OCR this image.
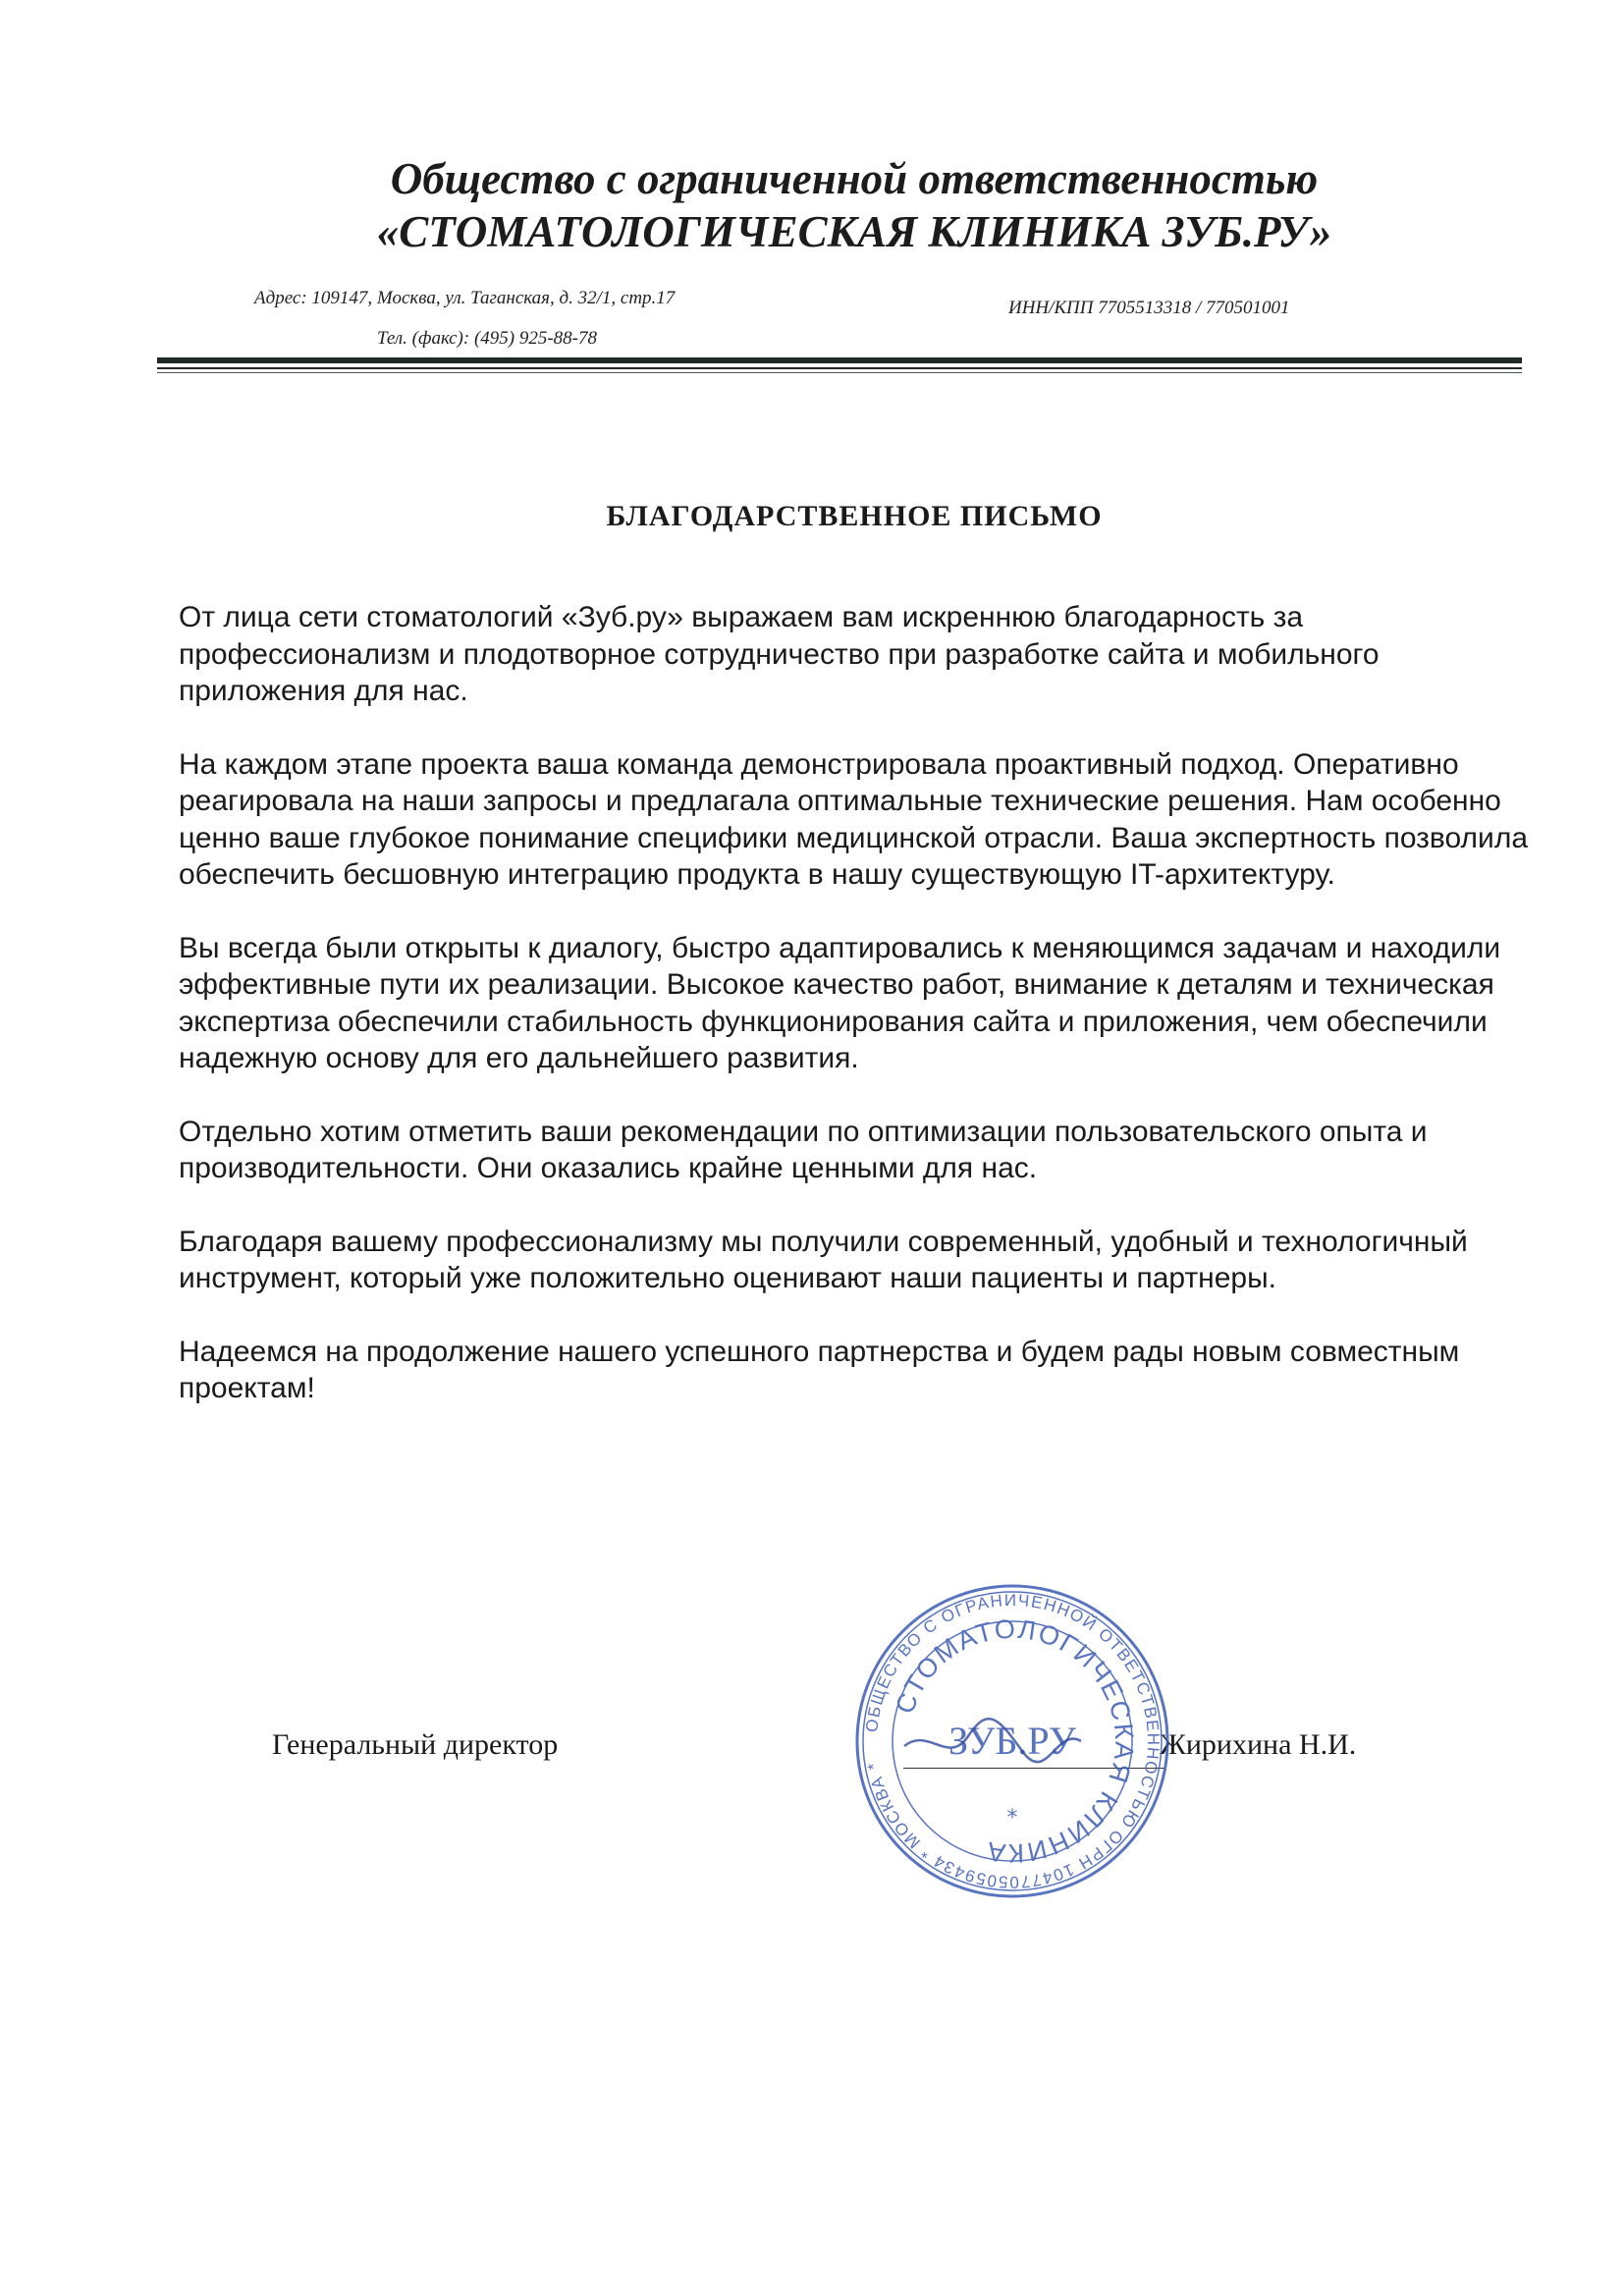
Общество с ограниченной ответственностью
«СТОМАТОЛОГИЧЕСКАЯ КЛИНИКА ЗУБ.РУ»
Адрес: 109147, Москва, ул. Таганская, д. 32/1, стр.17	ИНН/КПП 7705513318 / 770501001
Тел. (факс): (495) 925-88-78
БЛАГОДАРСТВЕННОЕ ПИСЬМО

От лица сети стоматологий «Зуб.ру» выражаем вам искреннюю благодарность за профессионализм и плодотворное сотрудничество при разработке сайта и мобильного приложения для нас.

На каждом этапе проекта ваша команда демонстрировала проактивный подход. Оперативно реагировала на наши запросы и предлагала оптимальные технические решения. Нам особенно ценно ваше глубокое понимание специфики медицинской отрасли. Ваша экспертность позволила обеспечить бесшовную интеграцию продукта в нашу существующую IT-архитектуру.

Вы всегда были открыты к диалогу, быстро адаптировались к меняющимся задачам и находили эффективные пути их реализации. Высокое качество работ, внимание к деталям и техническая экспертиза обеспечили стабильность функционирования сайта и приложения, чем обеспечили надежную основу для его дальнейшего развития.

Отдельно хотим отметить ваши рекомендации по оптимизации пользовательского опыта и производительности. Они оказались крайне ценными для нас.

Благодаря вашему профессионализму мы получили современный, удобный и технологичный инструмент, который уже положительно оценивают наши пациенты и партнеры.

Надеемся на продолжение нашего успешного партнерства и будем рады новым совместным проектам!

Генеральный директор	Жирихина Н.И.
ОБЩЕСТВО С ОГРАНИЧЕННОЙ ОТВЕТСТВЕННОСТЬЮ ОГРН 1047705059434 * МОСКВА *
СТОМАТОЛОГИЧЕСКАЯ КЛИНИКА
ЗУБ.РУ
*
